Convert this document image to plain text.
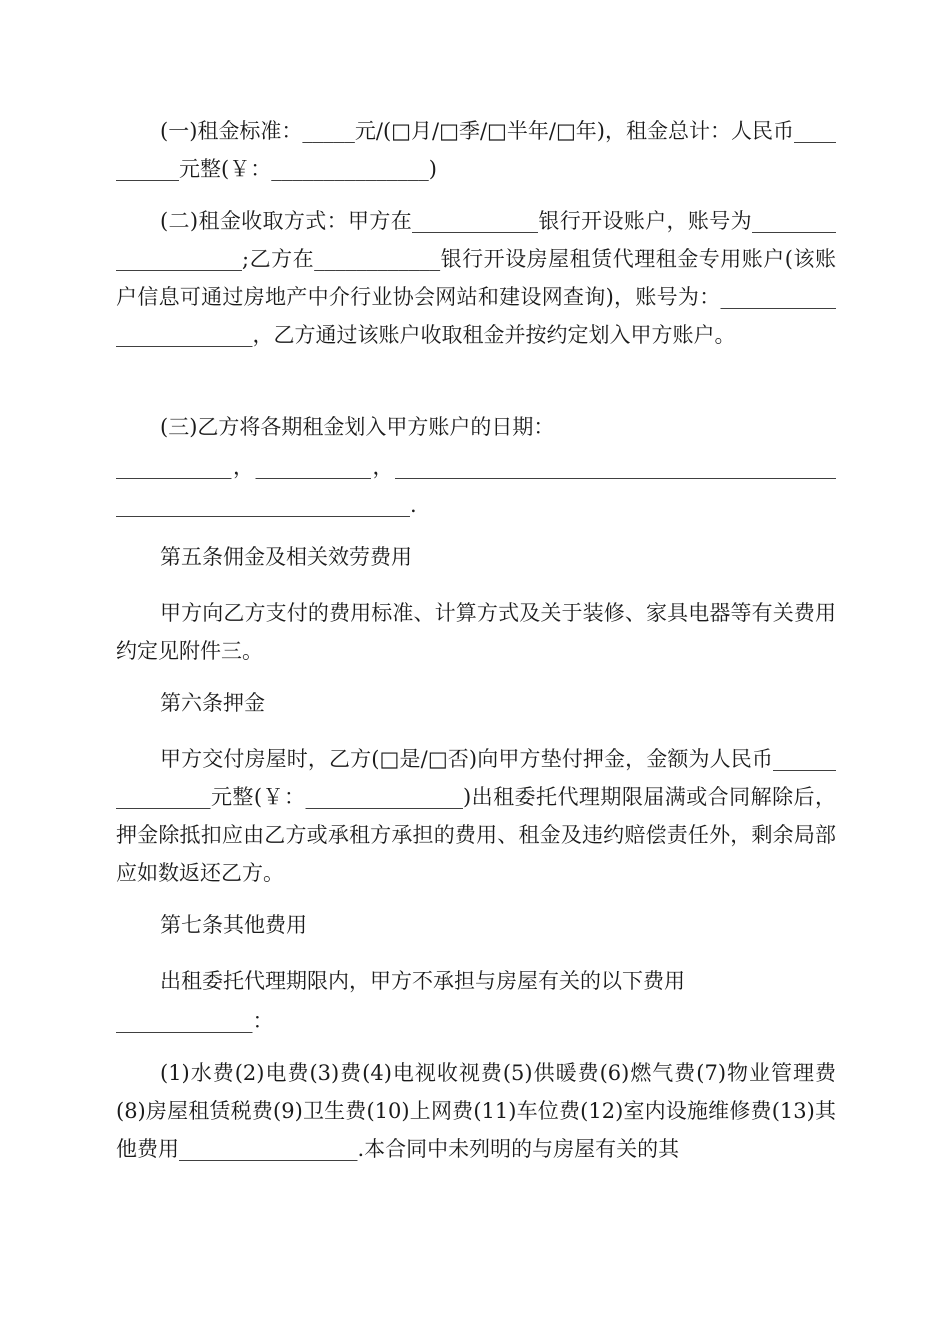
(一)租金标准：_____元/(□月/□季/□半年/□年)，租金总计：人民币__________元整(￥：_______________)
(二)租金收取方式：甲方在____________银行开设账户，账号为____________________;乙方在____________银行开设房屋租赁代理租金专用账户(该账户信息可通过房地产中介行业协会网站和建设网查询)，账号为：________________________，乙方通过该账户收取租金并按约定划入甲方账户。
(三)乙方将各期租金划入甲方账户的日期：
___________，___________，______________________________________________________________________.
第五条佣金及相关效劳费用
甲方向乙方支付的费用标准、计算方式及关于装修、家具电器等有关费用约定见附件三。
第六条押金
甲方交付房屋时，乙方(□是/□否)向甲方垫付押金，金额为人民币_______________元整(￥：_______________)出租委托代理期限届满或合同解除后，押金除抵扣应由乙方或承租方承担的费用、租金及违约赔偿责任外，剩余局部应如数返还乙方。
第七条其他费用
出租委托代理期限内，甲方不承担与房屋有关的以下费用
_____________：
(1)水费(2)电费(3)费(4)电视收视费(5)供暖费(6)燃气费(7)物业管理费(8)房屋租赁税费(9)卫生费(10)上网费(11)车位费(12)室内设施维修费(13)其他费用_________________.本合同中未列明的与房屋有关的其
